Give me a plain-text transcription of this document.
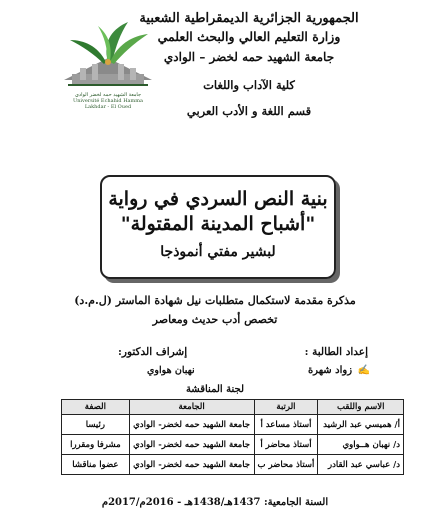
الجمهورية الجزائرية الديمقراطية الشعبية
وزارة التعليم العالي والبحث العلمي
جامعة الشهيد حمه لخضر – الوادي
كلية الآداب واللغات
قسم اللغة و الأدب العربي
جامعة الشهيد حمه لخضر الوادي
Université Echahid Hamma Lakhdar - El Oued
بنية النص السردي في رواية
"أشباح المدينة المقتولة"
لبشير مفتي أنموذجا
مذكرة مقدمة لاستكمال متطلبات نيل شهادة الماستر (ل.م.د)
تخصص أدب حديث ومعاصر
إعداد الطالبة :
إشراف الدكتور:
✍ زواد شهرة
نهبان هواوي
لجنة المناقشة
الاسم واللقب	الرتبة	الجامعة	الصفة
أ/ هميسي عبد الرشيد	أستاذ مساعد أ	جامعة الشهيد حمه لخضر- الوادي	رئيسا
د/ نهبان هــواوي	أستاذ محاضر أ	جامعة الشهيد حمه لخضر- الوادي	مشرفا ومقررا
د/ عباسي عبد القادر	أستاذ محاضر ب	جامعة الشهيد حمه لخضر- الوادي	عضوا مناقشا
السنة الجامعية: 1437هـ/1438هـ - 2016م/2017م
